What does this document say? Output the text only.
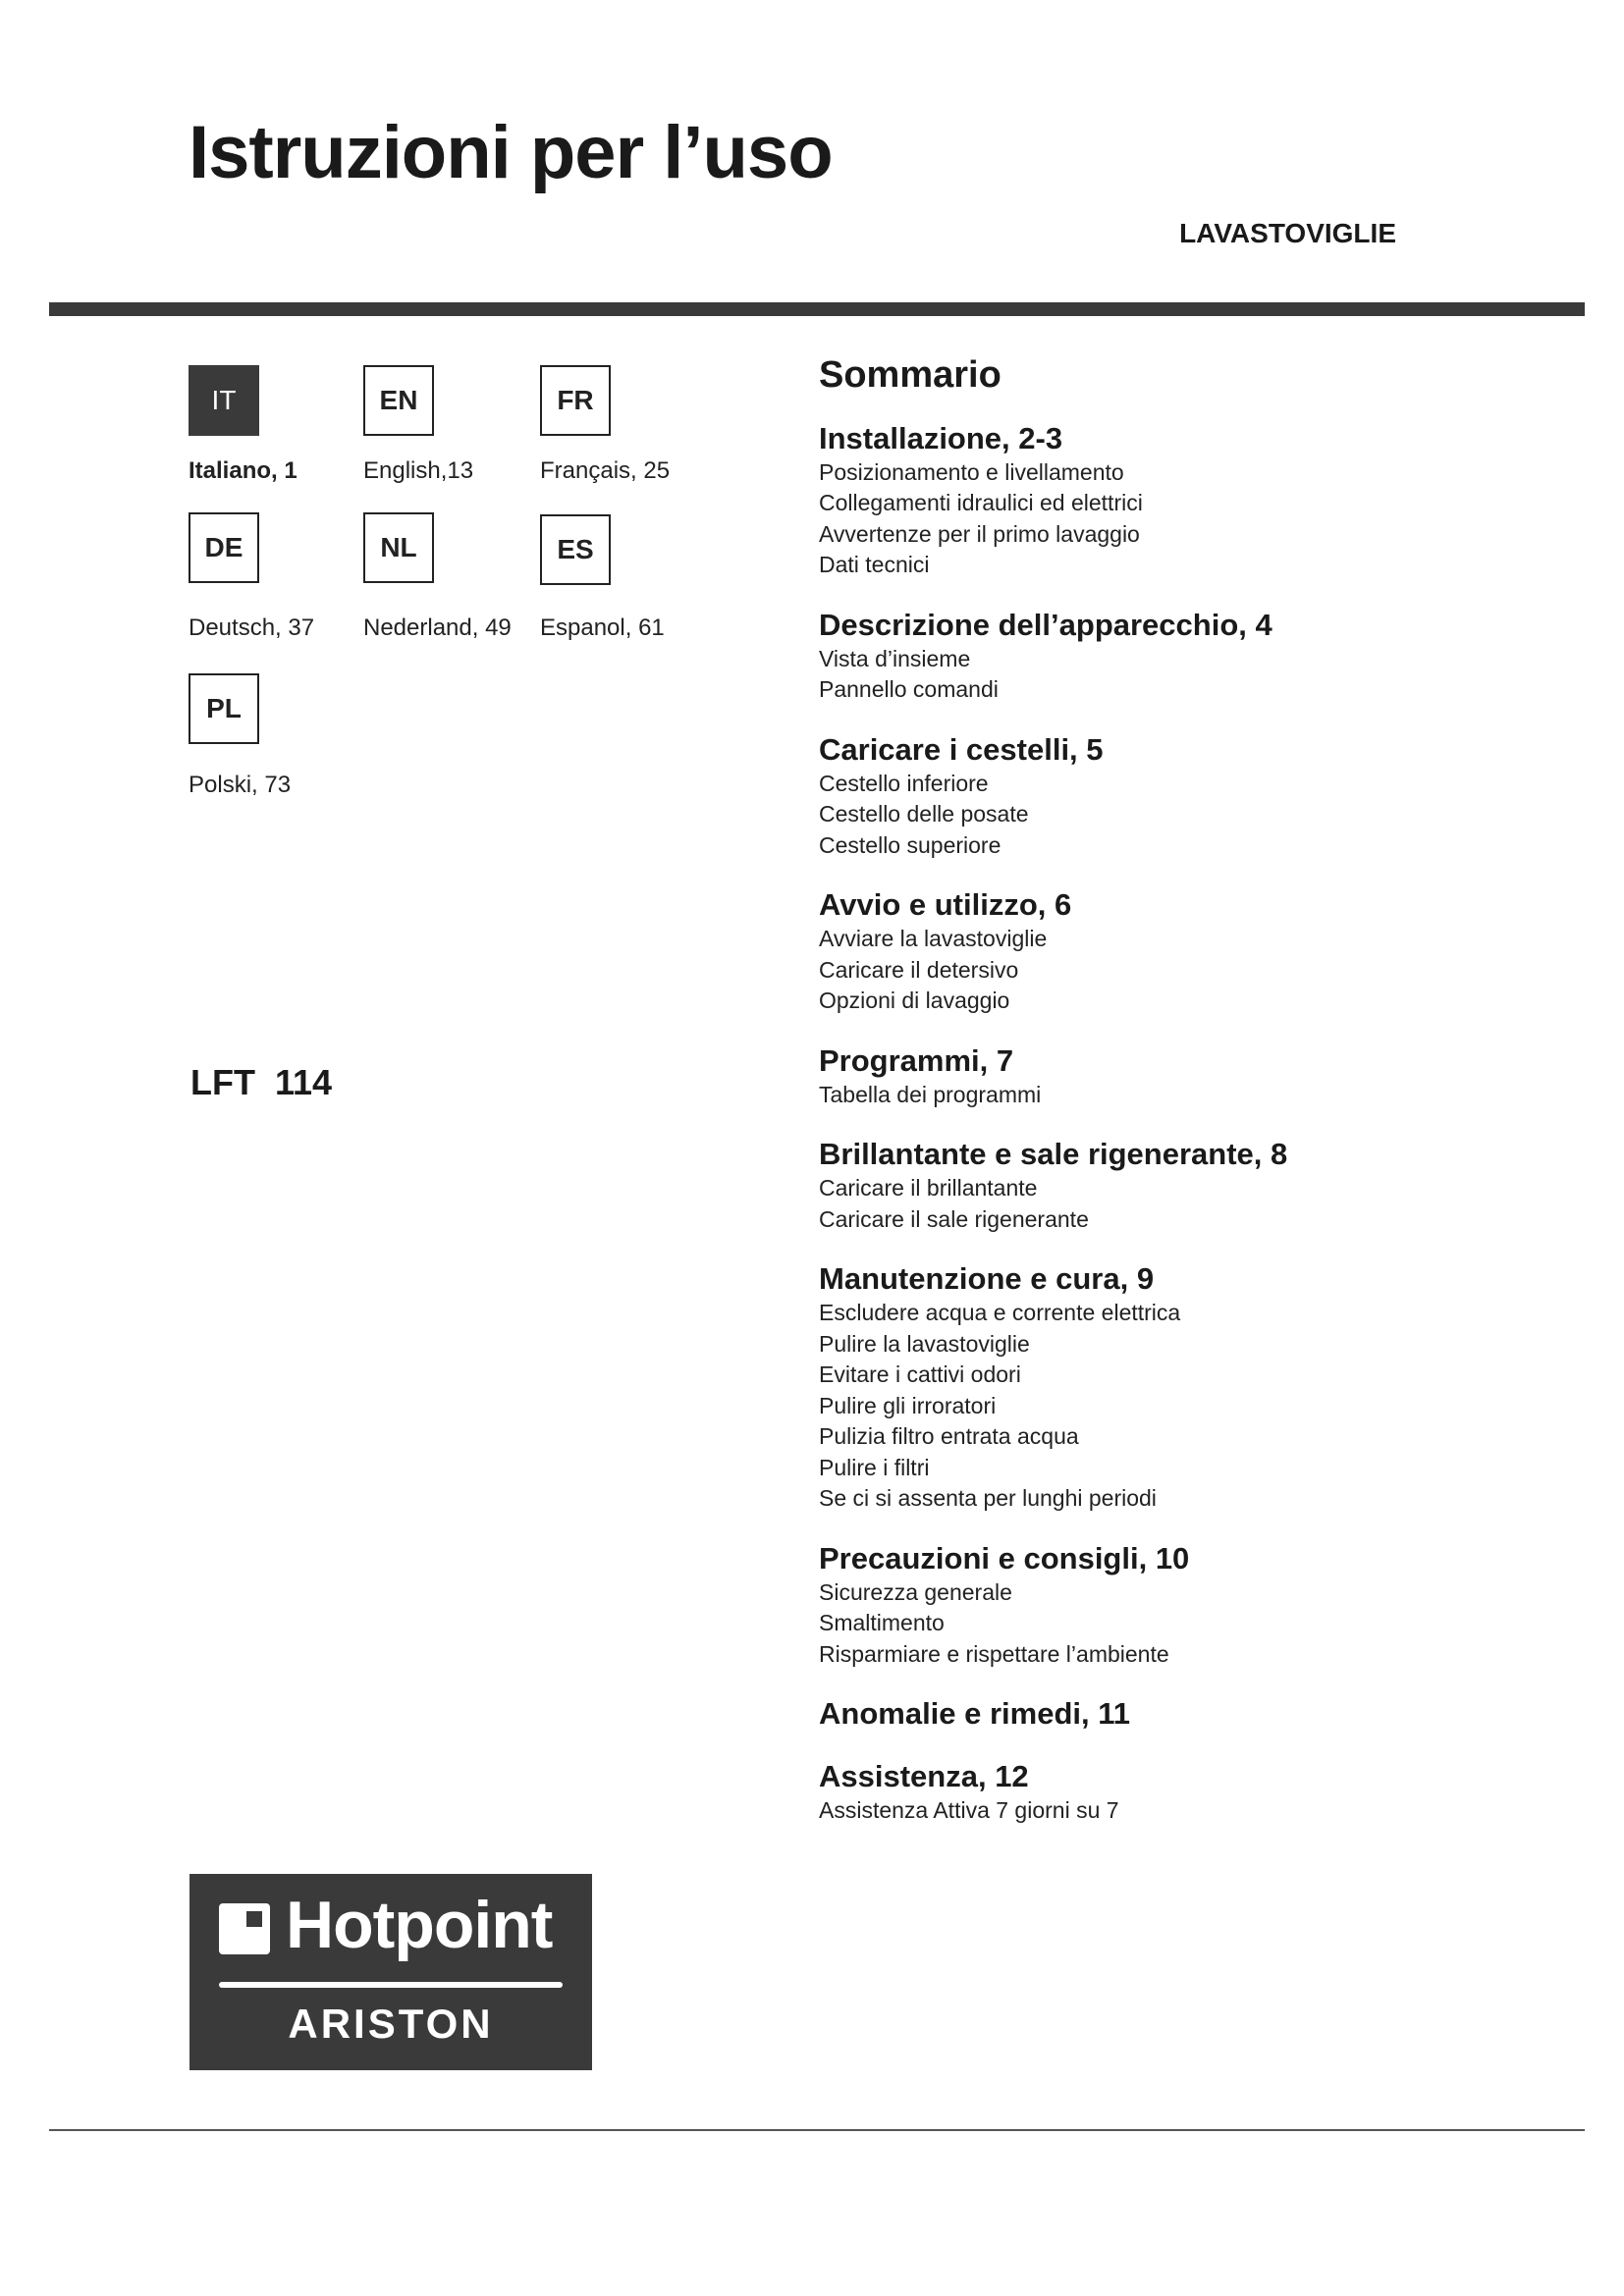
Istruzioni per l’uso

LAVASTOVIGLIE

IT
Italiano, 1
EN
English,13
FR
Français, 25
DE
Deutsch, 37
NL
Nederland, 49
ES
Espanol, 61
PL
Polski, 73

LFT 114

Sommario
Installazione, 2-3
Posizionamento e livellamento
Collegamenti idraulici ed elettrici
Avvertenze per il primo lavaggio
Dati tecnici
Descrizione dell’apparecchio, 4
Vista d’insieme
Pannello comandi
Caricare i cestelli, 5
Cestello inferiore
Cestello delle posate
Cestello superiore
Avvio e utilizzo, 6
Avviare la lavastoviglie
Caricare il detersivo
Opzioni di lavaggio
Programmi, 7
Tabella dei programmi
Brillantante e sale rigenerante, 8
Caricare il brillantante
Caricare il sale rigenerante
Manutenzione e cura, 9
Escludere acqua e corrente elettrica
Pulire la lavastoviglie
Evitare i cattivi odori
Pulire gli irroratori
Pulizia filtro entrata acqua
Pulire i filtri
Se ci si assenta per lunghi periodi
Precauzioni e consigli, 10
Sicurezza generale
Smaltimento
Risparmiare e rispettare l’ambiente
Anomalie e rimedi, 11
Assistenza, 12
Assistenza Attiva 7 giorni su 7
Hotpoint
ARISTON
